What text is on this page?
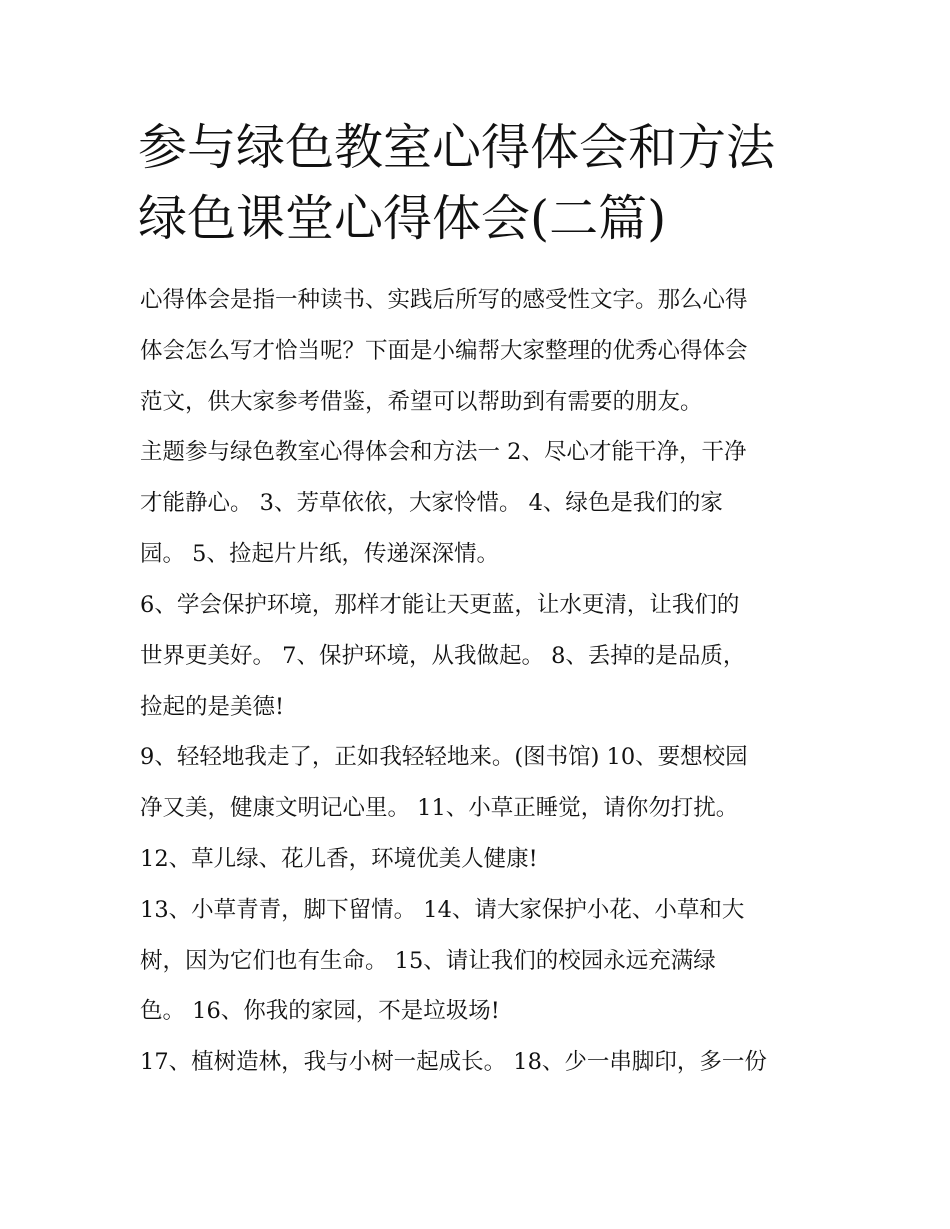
参与绿色教室心得体会和方法
绿色课堂心得体会(二篇)
心得体会是指一种读书、实践后所写的感受性文字。那么心得
体会怎么写才恰当呢？下面是小编帮大家整理的优秀心得体会
范文，供大家参考借鉴，希望可以帮助到有需要的朋友。
主题参与绿色教室心得体会和方法一 2、尽心才能干净，干净
才能静心。 3、芳草依依，大家怜惜。 4、绿色是我们的家
园。 5、捡起片片纸，传递深深情。
6、学会保护环境，那样才能让天更蓝，让水更清，让我们的
世界更美好。 7、保护环境，从我做起。 8、丢掉的是品质，
捡起的是美德!
9、轻轻地我走了，正如我轻轻地来。(图书馆) 10、要想校园
净又美，健康文明记心里。 11、小草正睡觉，请你勿打扰。
12、草儿绿、花儿香，环境优美人健康!
13、小草青青，脚下留情。 14、请大家保护小花、小草和大
树，因为它们也有生命。 15、请让我们的校园永远充满绿
色。 16、你我的家园，不是垃圾场!
17、植树造林，我与小树一起成长。 18、少一串脚印，多一份
